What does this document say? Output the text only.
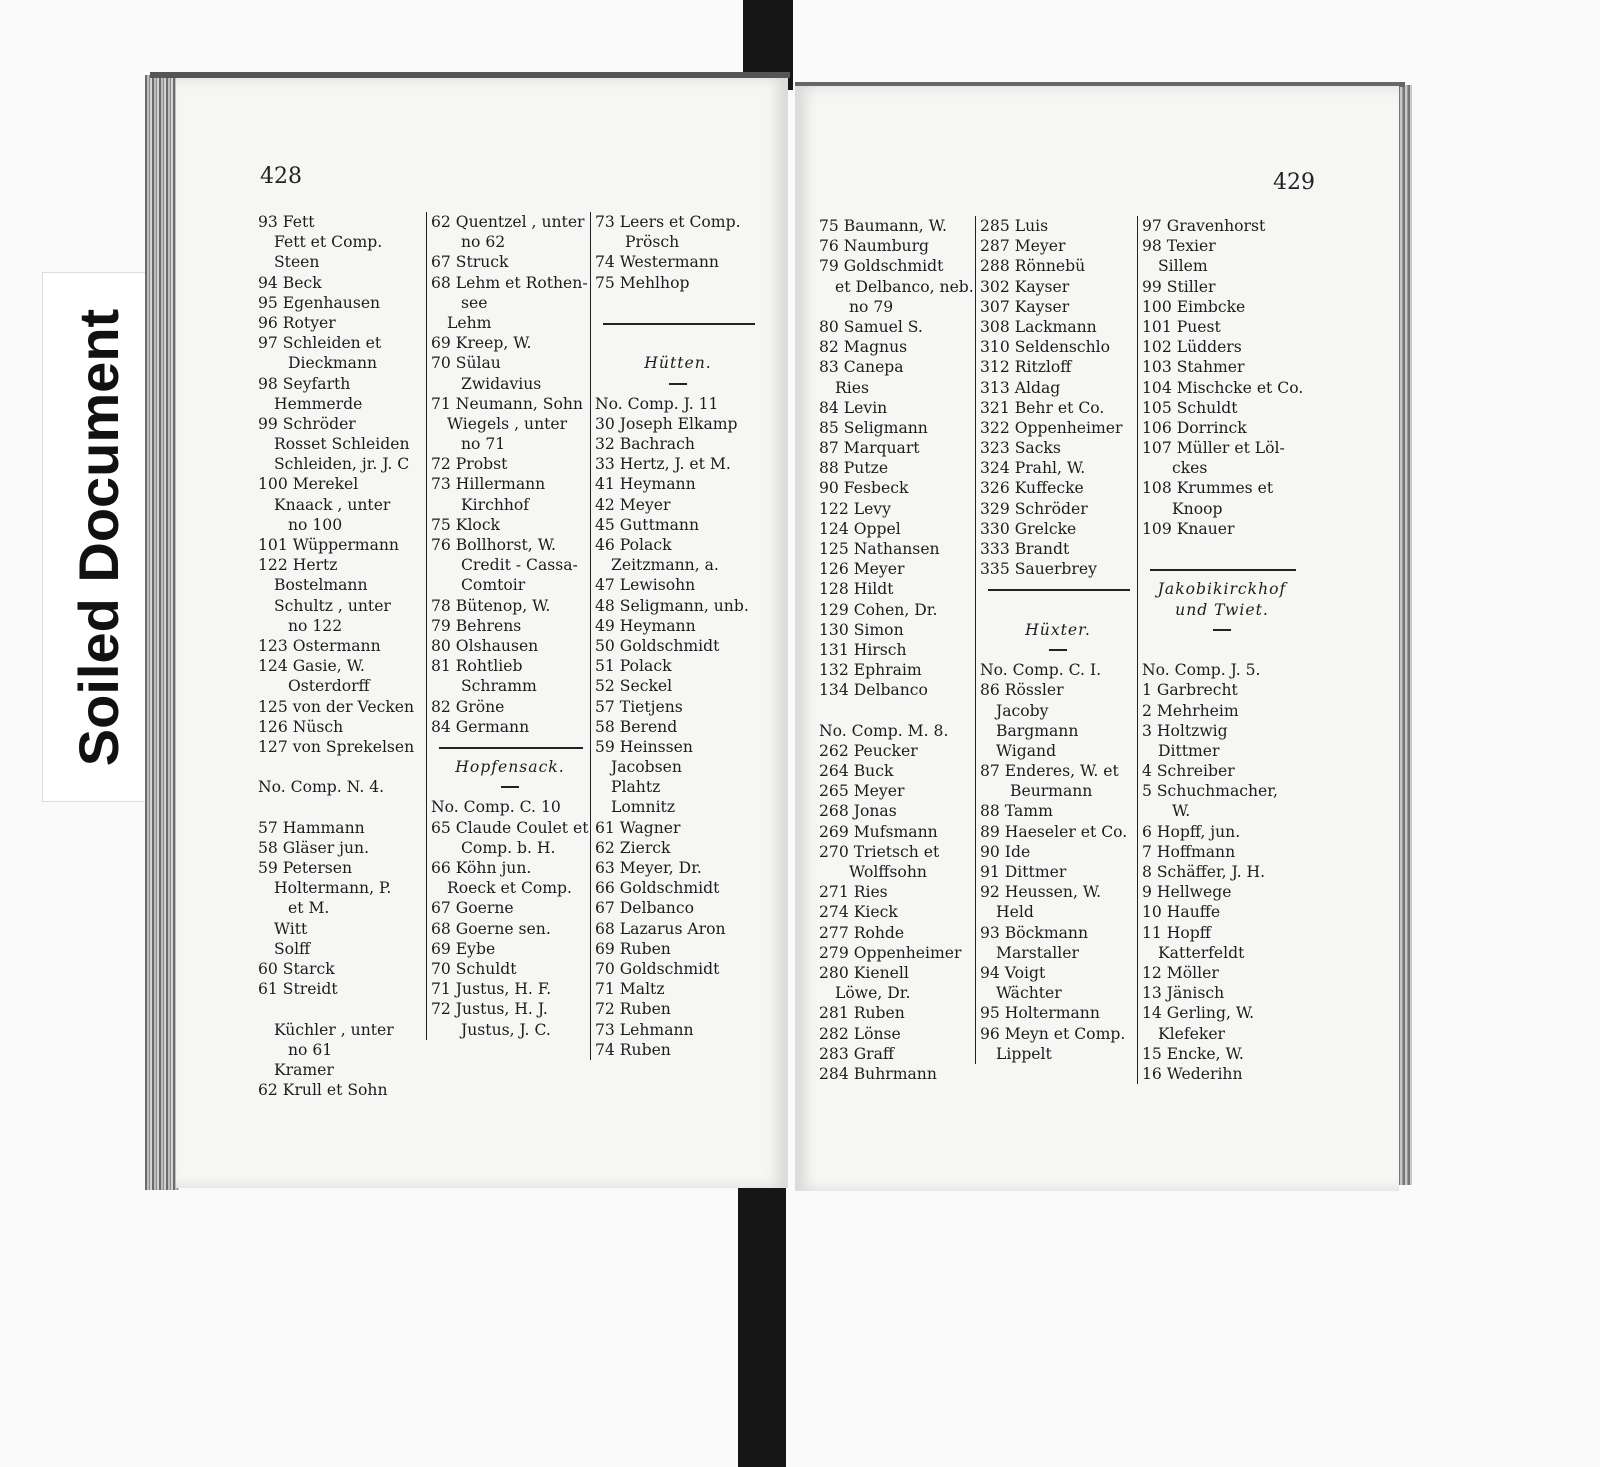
Soiled Document
428
93 Fett
Fett et Comp.
Steen
94 Beck
95 Egenhausen
96 Rotyer
97 Schleiden et
Dieckmann
98 Seyfarth
Hemmerde
99 Schröder
Rosset Schleiden
Schleiden, jr. J. C
100 Merekel
Knaack , unter
no 100
101 Wüppermann
122 Hertz
Bostelmann
Schultz , unter
no 122
123 Ostermann
124 Gasie, W.
Osterdorff
125 von der Vecken
126 Nüsch
127 von Sprekelsen
No. Comp. N. 4.
57 Hammann
58 Gläser jun.
59 Petersen
Holtermann, P.
et M.
Witt
Solff
60 Starck
61 Streidt
Küchler , unter
no 61
Kramer
62 Krull et Sohn
62 Quentzel , unter
no 62
67 Struck
68 Lehm et Rothen-
see
Lehm
69 Kreep, W.
70 Sülau
Zwidavius
71 Neumann, Sohn
Wiegels , unter
no 71
72 Probst
73 Hillermann
Kirchhof
75 Klock
76 Bollhorst, W.
Credit - Cassa-
Comtoir
78 Bütenop, W.
79 Behrens
80 Olshausen
81 Rohtlieb
Schramm
82 Gröne
84 Germann
Hopfensack.
No. Comp. C. 10
65 Claude Coulet et
Comp. b. H.
66 Köhn jun.
Roeck et Comp.
67 Goerne
68 Goerne sen.
69 Eybe
70 Schuldt
71 Justus, H. F.
72 Justus, H. J.
Justus, J. C.
73 Leers et Comp.
Prösch
74 Westermann
75 Mehlhop
Hütten.
No. Comp. J. 11
30 Joseph Elkamp
32 Bachrach
33 Hertz, J. et M.
41 Heymann
42 Meyer
45 Guttmann
46 Polack
Zeitzmann, a.
47 Lewisohn
48 Seligmann, unb.
49 Heymann
50 Goldschmidt
51 Polack
52 Seckel
57 Tietjens
58 Berend
59 Heinssen
Jacobsen
Plahtz
Lomnitz
61 Wagner
62 Zierck
63 Meyer, Dr.
66 Goldschmidt
67 Delbanco
68 Lazarus Aron
69 Ruben
70 Goldschmidt
71 Maltz
72 Ruben
73 Lehmann
74 Ruben
429
75 Baumann, W.
76 Naumburg
79 Goldschmidt
et Delbanco, neb.
no 79
80 Samuel S.
82 Magnus
83 Canepa
Ries
84 Levin
85 Seligmann
87 Marquart
88 Putze
90 Fesbeck
122 Levy
124 Oppel
125 Nathansen
126 Meyer
128 Hildt
129 Cohen, Dr.
130 Simon
131 Hirsch
132 Ephraim
134 Delbanco
No. Comp. M. 8.
262 Peucker
264 Buck
265 Meyer
268 Jonas
269 Mufsmann
270 Trietsch et
Wolffsohn
271 Ries
274 Kieck
277 Rohde
279 Oppenheimer
280 Kienell
Löwe, Dr.
281 Ruben
282 Lönse
283 Graff
284 Buhrmann
285 Luis
287 Meyer
288 Rönnebü
302 Kayser
307 Kayser
308 Lackmann
310 Seldenschlo
312 Ritzloff
313 Aldag
321 Behr et Co.
322 Oppenheimer
323 Sacks
324 Prahl, W.
326 Kuffecke
329 Schröder
330 Grelcke
333 Brandt
335 Sauerbrey
Hüxter.
No. Comp. C. I.
86 Rössler
Jacoby
Bargmann
Wigand
87 Enderes, W. et
Beurmann
88 Tamm
89 Haeseler et Co.
90 Ide
91 Dittmer
92 Heussen, W.
Held
93 Böckmann
Marstaller
94 Voigt
Wächter
95 Holtermann
96 Meyn et Comp.
Lippelt
97 Gravenhorst
98 Texier
Sillem
99 Stiller
100 Eimbcke
101 Puest
102 Lüdders
103 Stahmer
104 Mischcke et Co.
105 Schuldt
106 Dorrinck
107 Müller et Löl-
ckes
108 Krummes et
Knoop
109 Knauer
Jakobikirckhof
und Twiet.
No. Comp. J. 5.
1 Garbrecht
2 Mehrheim
3 Holtzwig
Dittmer
4 Schreiber
5 Schuchmacher,
W.
6 Hopff, jun.
7 Hoffmann
8 Schäffer, J. H.
9 Hellwege
10 Hauffe
11 Hopff
Katterfeldt
12 Möller
13 Jänisch
14 Gerling, W.
Klefeker
15 Encke, W.
16 Wederihn
